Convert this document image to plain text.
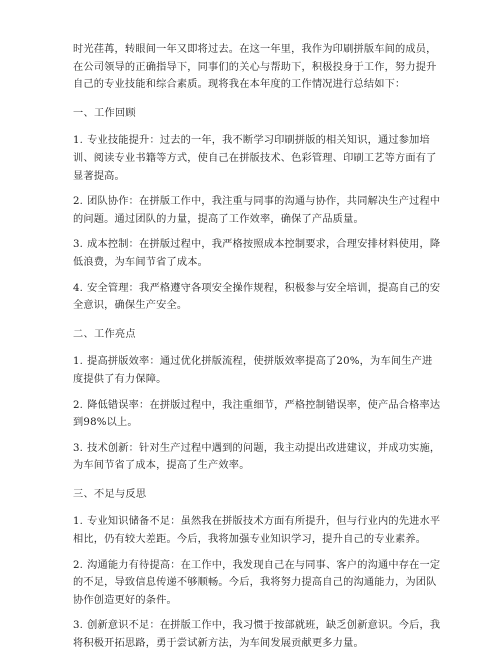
时光荏苒，转眼间一年又即将过去。在这一年里，我作为印刷拼版车间的成员，在公司领导的正确指导下，同事们的关心与帮助下，积极投身于工作，努力提升自己的专业技能和综合素质。现将我在本年度的工作情况进行总结如下：

一、工作回顾

1. 专业技能提升：过去的一年，我不断学习印刷拼版的相关知识，通过参加培训、阅读专业书籍等方式，使自己在拼版技术、色彩管理、印刷工艺等方面有了显著提高。

2. 团队协作：在拼版工作中，我注重与同事的沟通与协作，共同解决生产过程中的问题。通过团队的力量，提高了工作效率，确保了产品质量。

3. 成本控制：在拼版过程中，我严格按照成本控制要求，合理安排材料使用，降低浪费，为车间节省了成本。

4. 安全管理：我严格遵守各项安全操作规程，积极参与安全培训，提高自己的安全意识，确保生产安全。

二、工作亮点

1. 提高拼版效率：通过优化拼版流程，使拼版效率提高了20%，为车间生产进度提供了有力保障。

2. 降低错误率：在拼版过程中，我注重细节，严格控制错误率，使产品合格率达到98%以上。

3. 技术创新：针对生产过程中遇到的问题，我主动提出改进建议，并成功实施，为车间节省了成本，提高了生产效率。

三、不足与反思

1. 专业知识储备不足：虽然我在拼版技术方面有所提升，但与行业内的先进水平相比，仍有较大差距。今后，我将加强专业知识学习，提升自己的专业素养。

2. 沟通能力有待提高：在工作中，我发现自己在与同事、客户的沟通中存在一定的不足，导致信息传递不够顺畅。今后，我将努力提高自己的沟通能力，为团队协作创造更好的条件。

3. 创新意识不足：在拼版工作中，我习惯于按部就班，缺乏创新意识。今后，我将积极开拓思路，勇于尝试新方法，为车间发展贡献更多力量。
